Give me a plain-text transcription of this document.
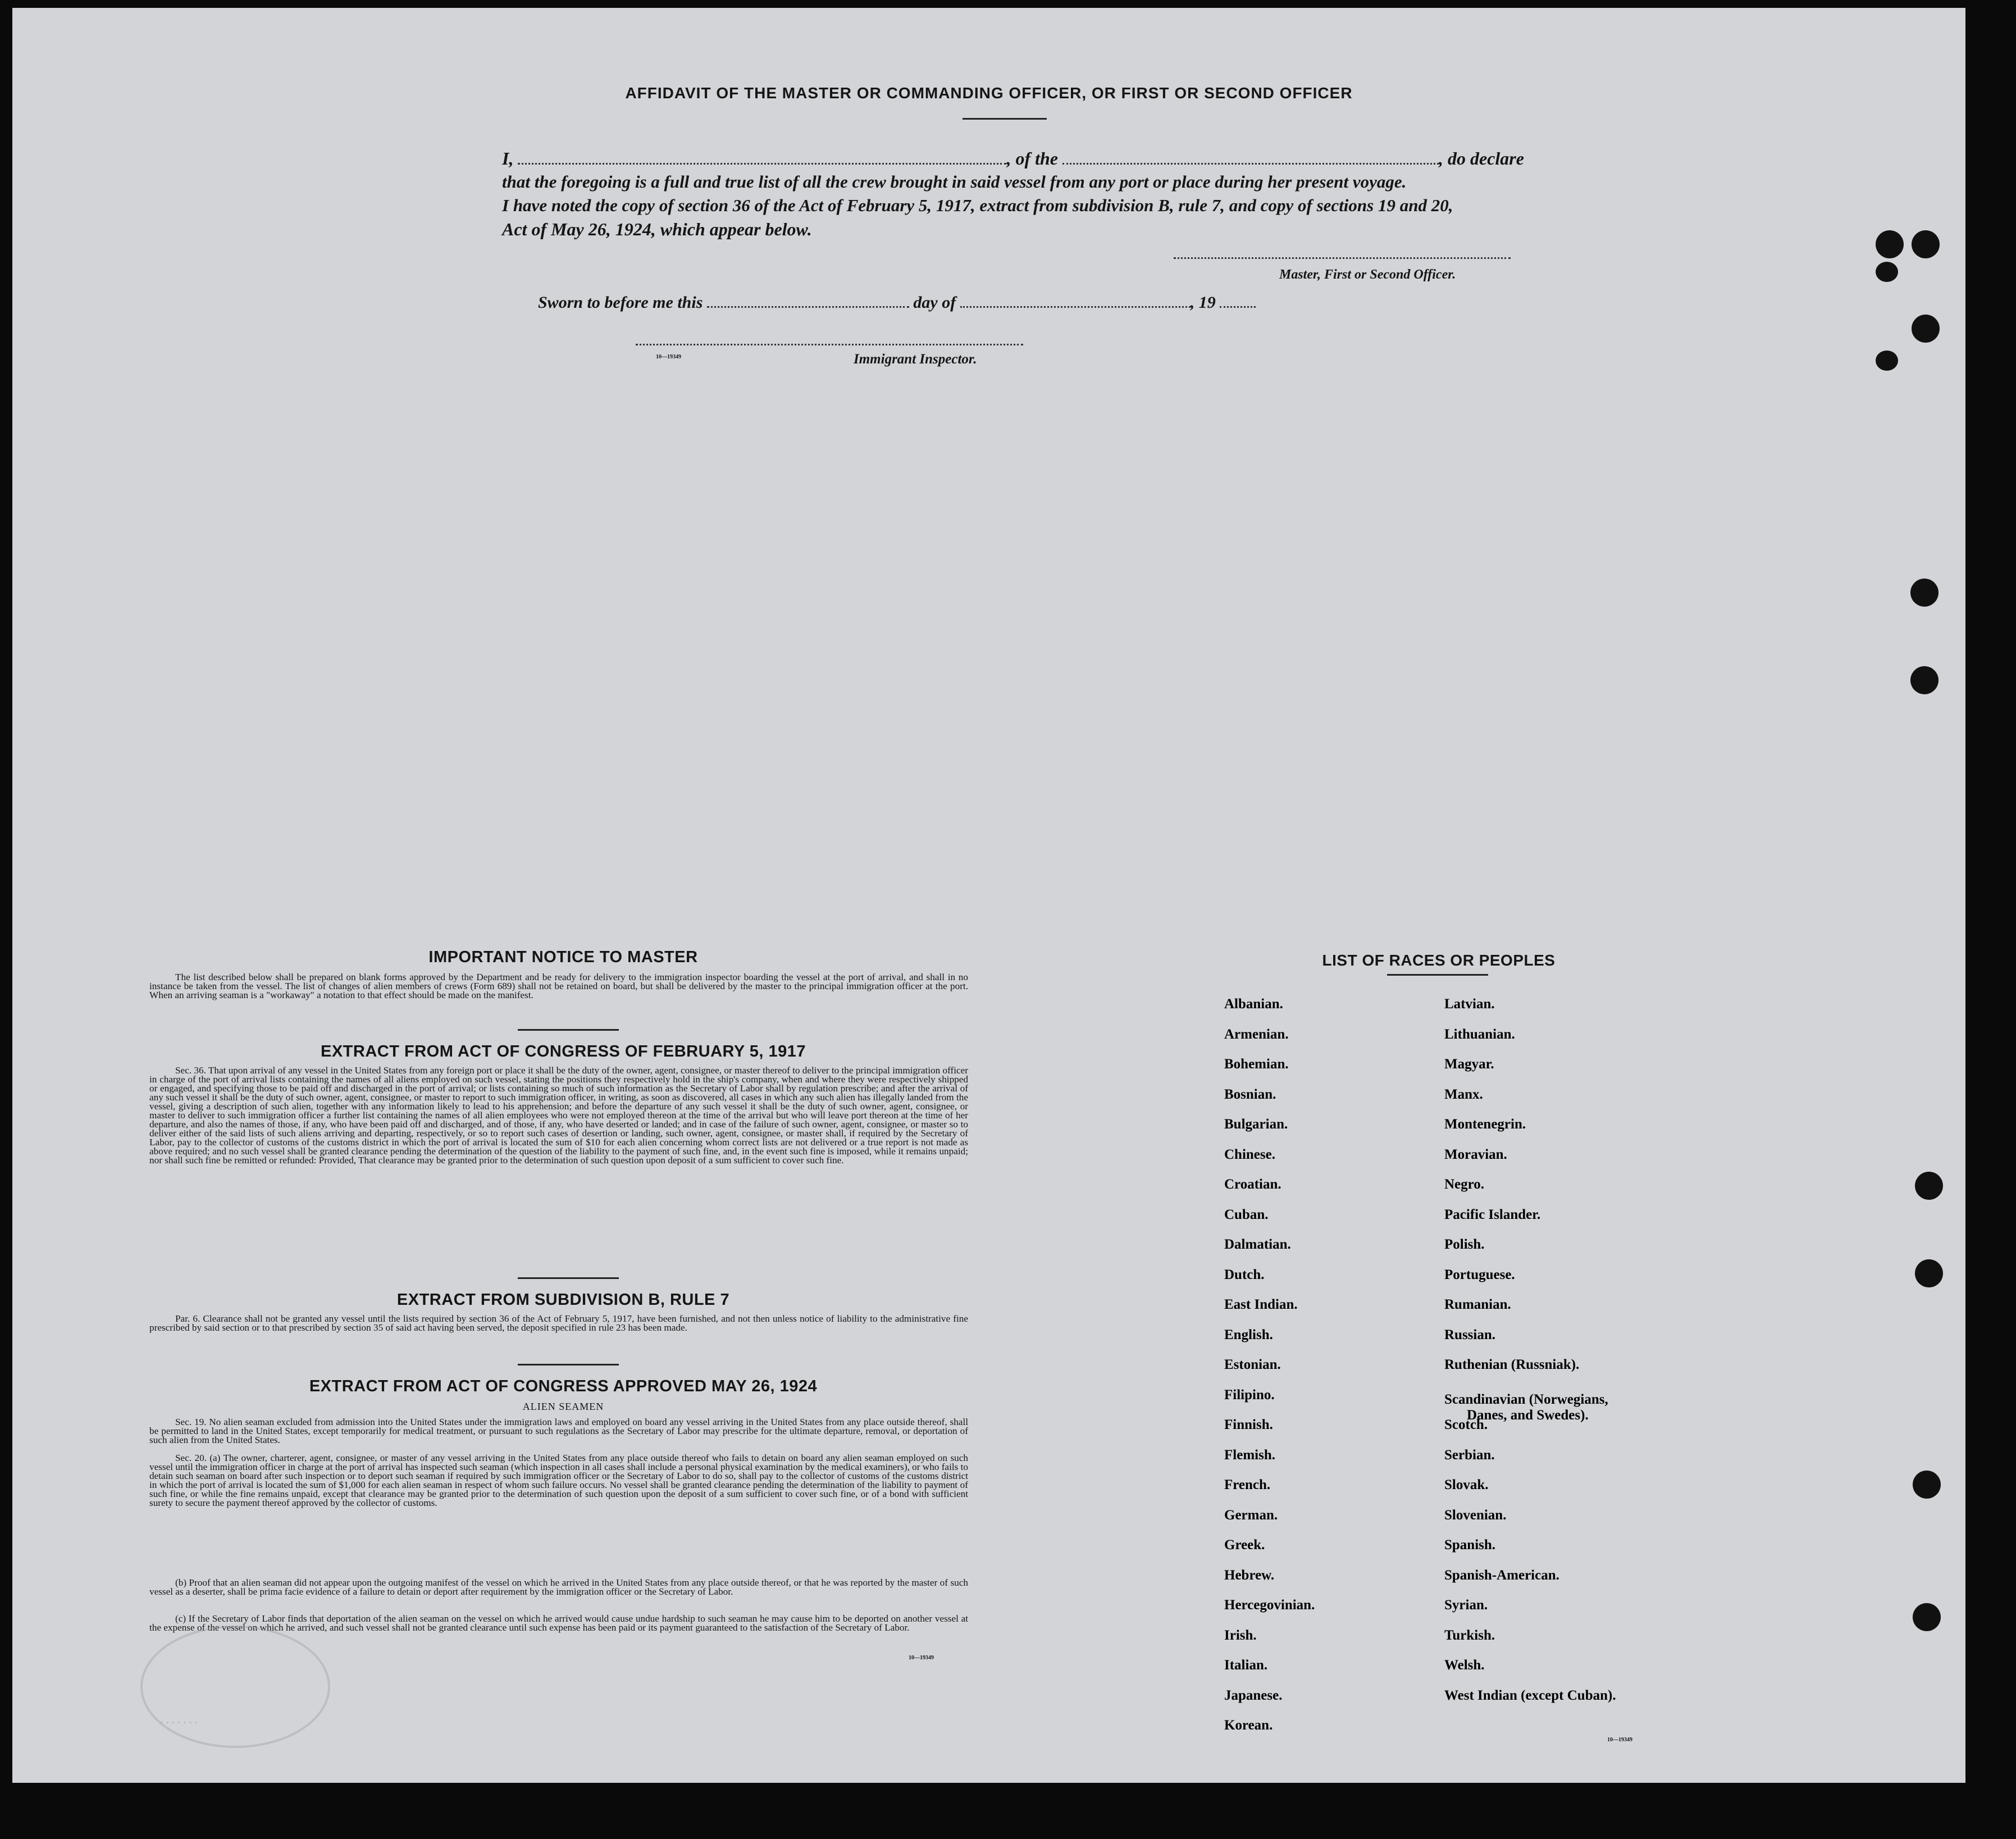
AFFIDAVIT OF THE MASTER OR COMMANDING OFFICER, OR FIRST OR SECOND OFFICER
I,	, of the	, do declare
that the foregoing is a full and true list of all the crew brought in said vessel from any port or place during her present voyage.
I have noted the copy of section 36 of the Act of February 5, 1917, extract from subdivision B, rule 7, and copy of sections 19 and 20,
Act of May 26, 1924, which appear below.
Master, First or Second Officer.
Sworn to before me this	day of	, 19
10—19349	Immigrant Inspector.
IMPORTANT NOTICE TO MASTER
The list described below shall be prepared on blank forms approved by the Department and be ready for delivery to the immigration inspector boarding the vessel at the port of arrival, and shall in no instance be taken from the vessel. The list of changes of alien members of crews (Form 689) shall not be retained on board, but shall be delivered by the master to the principal immigration officer at the port. When an arriving seaman is a "workaway" a notation to that effect should be made on the manifest.
EXTRACT FROM ACT OF CONGRESS OF FEBRUARY 5, 1917
Sec. 36. That upon arrival of any vessel in the United States from any foreign port or place it shall be the duty of the owner, agent, consignee, or master thereof to deliver to the principal immigration officer in charge of the port of arrival lists containing the names of all aliens employed on such vessel, stating the positions they respectively hold in the ship's company, when and where they were respectively shipped or engaged, and specifying those to be paid off and discharged in the port of arrival; or lists containing so much of such information as the Secretary of Labor shall by regulation prescribe; and after the arrival of any such vessel it shall be the duty of such owner, agent, consignee, or master to report to such immigration officer, in writing, as soon as discovered, all cases in which any such alien has illegally landed from the vessel, giving a description of such alien, together with any information likely to lead to his apprehension; and before the departure of any such vessel it shall be the duty of such owner, agent, consignee, or master to deliver to such immigration officer a further list containing the names of all alien employees who were not employed thereon at the time of the arrival but who will leave port thereon at the time of her departure, and also the names of those, if any, who have been paid off and discharged, and of those, if any, who have deserted or landed; and in case of the failure of such owner, agent, consignee, or master so to deliver either of the said lists of such aliens arriving and departing, respectively, or so to report such cases of desertion or landing, such owner, agent, consignee, or master shall, if required by the Secretary of Labor, pay to the collector of customs of the customs district in which the port of arrival is located the sum of $10 for each alien concerning whom correct lists are not delivered or a true report is not made as above required; and no such vessel shall be granted clearance pending the determination of the question of the liability to the payment of such fine, and, in the event such fine is imposed, while it remains unpaid; nor shall such fine be remitted or refunded: Provided, That clearance may be granted prior to the determination of such question upon deposit of a sum sufficient to cover such fine.
EXTRACT FROM SUBDIVISION B, RULE 7
Par. 6. Clearance shall not be granted any vessel until the lists required by section 36 of the Act of February 5, 1917, have been furnished, and not then unless notice of liability to the administrative fine prescribed by said section or to that prescribed by section 35 of said act having been served, the deposit specified in rule 23 has been made.
EXTRACT FROM ACT OF CONGRESS APPROVED MAY 26, 1924
ALIEN SEAMEN
Sec. 19. No alien seaman excluded from admission into the United States under the immigration laws and employed on board any vessel arriving in the United States from any place outside thereof, shall be permitted to land in the United States, except temporarily for medical treatment, or pursuant to such regulations as the Secretary of Labor may prescribe for the ultimate departure, removal, or deportation of such alien from the United States.
Sec. 20. (a) The owner, charterer, agent, consignee, or master of any vessel arriving in the United States from any place outside thereof who fails to detain on board any alien seaman employed on such vessel until the immigration officer in charge at the port of arrival has inspected such seaman (which inspection in all cases shall include a personal physical examination by the medical examiners), or who fails to detain such seaman on board after such inspection or to deport such seaman if required by such immigration officer or the Secretary of Labor to do so, shall pay to the collector of customs of the customs district in which the port of arrival is located the sum of $1,000 for each alien seaman in respect of whom such failure occurs. No vessel shall be granted clearance pending the determination of the liability to payment of such fine, or while the fine remains unpaid, except that clearance may be granted prior to the determination of such question upon the deposit of a sum sufficient to cover such fine, or of a bond with sufficient surety to secure the payment thereof approved by the collector of customs.
(b) Proof that an alien seaman did not appear upon the outgoing manifest of the vessel on which he arrived in the United States from any place outside thereof, or that he was reported by the master of such vessel as a deserter, shall be prima facie evidence of a failure to detain or deport after requirement by the immigration officer or the Secretary of Labor.
(c) If the Secretary of Labor finds that deportation of the alien seaman on the vessel on which he arrived would cause undue hardship to such seaman he may cause him to be deported on another vessel at the expense of the vessel on which he arrived, and such vessel shall not be granted clearance until such expense has been paid or its payment guaranteed to the satisfaction of the Secretary of Labor.
10—19349
·······
LIST OF RACES OR PEOPLES
10—19349
Albanian.
Armenian.
Bohemian.
Bosnian.
Bulgarian.
Chinese.
Croatian.
Cuban.
Dalmatian.
Dutch.
East Indian.
English.
Estonian.
Filipino.
Finnish.
Flemish.
French.
German.
Greek.
Hebrew.
Hercegovinian.
Irish.
Italian.
Japanese.
Korean.
Latvian.
Lithuanian.
Magyar.
Manx.
Montenegrin.
Moravian.
Negro.
Pacific Islander.
Polish.
Portuguese.
Rumanian.
Russian.
Ruthenian (Russniak).
Scandinavian (Norwegians,
Danes, and Swedes).
Scotch.
Serbian.
Slovak.
Slovenian.
Spanish.
Spanish-American.
Syrian.
Turkish.
Welsh.
West Indian (except Cuban).
